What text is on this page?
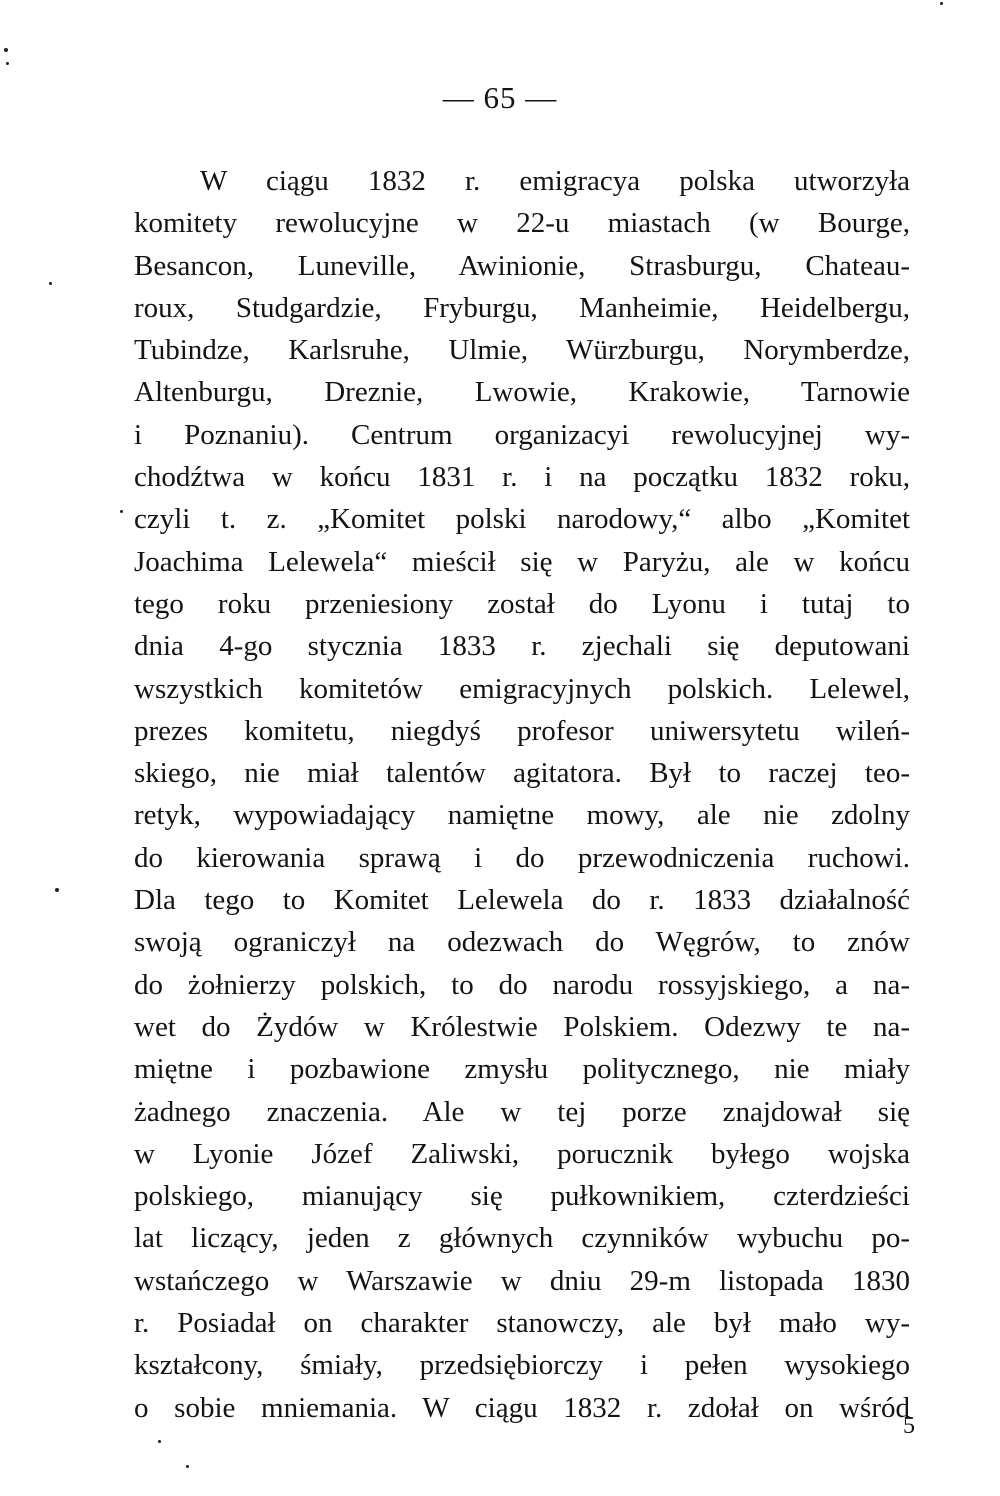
— 65 —
W ciągu 1832 r. emigracya polska utworzyła
komitety rewolucyjne w 22-u miastach (w Bourge,
Besancon, Luneville, Awinionie, Strasburgu, Chateau-
roux, Studgardzie, Fryburgu, Manheimie, Heidelbergu,
Tubindze, Karlsruhe, Ulmie, Würzburgu, Norymberdze,
Altenburgu, Dreznie, Lwowie, Krakowie, Tarnowie
i Poznaniu). Centrum organizacyi rewolucyjnej wy-
chodźtwa w końcu 1831 r. i na początku 1832 roku,
czyli t. z. „Komitet polski narodowy,“ albo „Komitet
Joachima Lelewela“ mieścił się w Paryżu, ale w końcu
tego roku przeniesiony został do Lyonu i tutaj to
dnia 4-go stycznia 1833 r. zjechali się deputowani
wszystkich komitetów emigracyjnych polskich. Lelewel,
prezes komitetu, niegdyś profesor uniwersytetu wileń-
skiego, nie miał talentów agitatora. Był to raczej teo-
retyk, wypowiadający namiętne mowy, ale nie zdolny
do kierowania sprawą i do przewodniczenia ruchowi.
Dla tego to Komitet Lelewela do r. 1833 działalność
swoją ograniczył na odezwach do Węgrów, to znów
do żołnierzy polskich, to do narodu rossyjskiego, a na-
wet do Żydów w Królestwie Polskiem. Odezwy te na-
miętne i pozbawione zmysłu politycznego, nie miały
żadnego znaczenia. Ale w tej porze znajdował się
w Lyonie Józef Zaliwski, porucznik byłego wojska
polskiego, mianujący się pułkownikiem, czterdzieści
lat liczący, jeden z głównych czynników wybuchu po-
wstańczego w Warszawie w dniu 29-m listopada 1830
r. Posiadał on charakter stanowczy, ale był mało wy-
kształcony, śmiały, przedsiębiorczy i pełen wysokiego
o sobie mniemania. W ciągu 1832 r. zdołał on wśród
5
